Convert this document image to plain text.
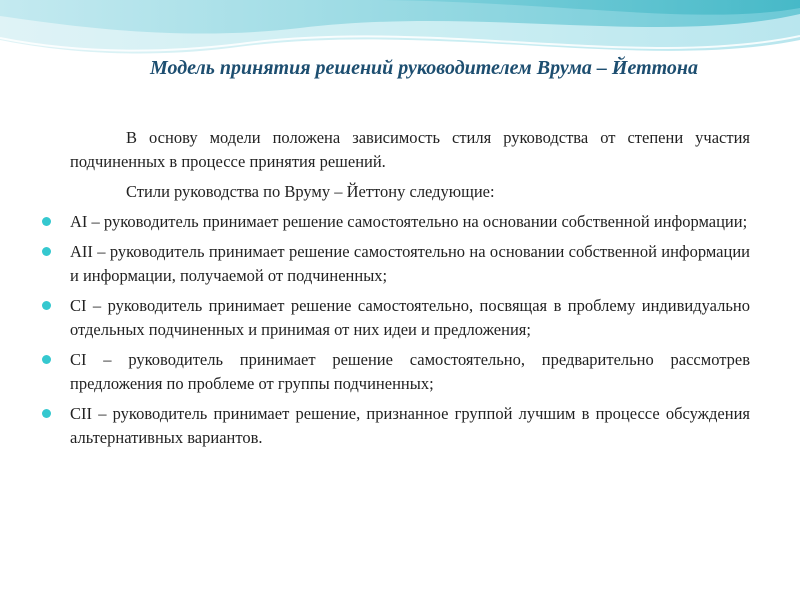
Модель принятия решений руководителем Врума – Йеттона

В основу модели положена зависимость стиля руководства от степени участия подчиненных в процессе принятия решений.

Стили руководства по Вруму – Йеттону следующие:

AI – руководитель принимает решение самостоятельно на основании собственной информации;
AII – руководитель принимает решение самостоятельно на основании собственной информации и информации, получаемой от подчиненных;
CI – руководитель принимает решение самостоятельно, посвящая в проблему индивидуально отдельных подчиненных и принимая от них идеи и предложения;
CI – руководитель принимает решение самостоятельно, предварительно рассмотрев предложения по проблеме от группы подчиненных;
CII – руководитель принимает решение, признанное группой лучшим в процессе обсуждения альтернативных вариантов.
